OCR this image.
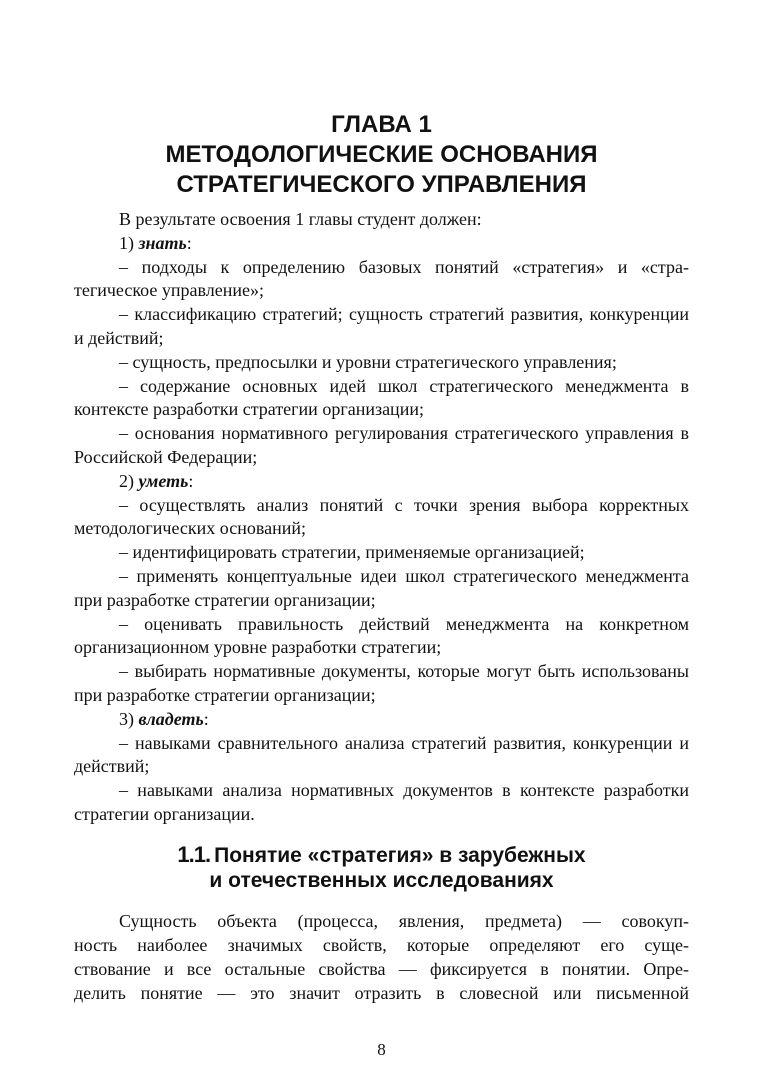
ГЛАВА 1
МЕТОДОЛОГИЧЕСКИЕ ОСНОВАНИЯ
СТРАТЕГИЧЕСКОГО УПРАВЛЕНИЯ

В результате освоения 1 главы студент должен:

1) знать:

– подходы к определению базовых понятий «стратегия» и «стратегическое управление»;

– классификацию стратегий; сущность стратегий развития, конкуренции и действий;

– сущность, предпосылки и уровни стратегического управления;

– содержание основных идей школ стратегического менеджмента в контексте разработки стратегии организации;

– основания нормативного регулирования стратегического управления в Российской Федерации;

2) уметь:

– осуществлять анализ понятий с точки зрения выбора корректных методологических оснований;

– идентифицировать стратегии, применяемые организацией;

– применять концептуальные идеи школ стратегического менеджмента при разработке стратегии организации;

– оценивать правильность действий менеджмента на конкретном организационном уровне разработки стратегии;

– выбирать нормативные документы, которые могут быть использованы при разработке стратегии организации;

3) владеть:

– навыками сравнительного анализа стратегий развития, конкуренции и действий;

– навыками анализа нормативных документов в контексте разработки стратегии организации.

1.1. Понятие «стратегия» в зарубежных
и отечественных исследованиях
Сущность объекта (процесса, явления, предмета) — совокуп-
ность наиболее значимых свойств, которые определяют его суще-
ствование и все остальные свойства — фиксируется в понятии. Опре-
делить понятие — это значит отразить в словесной или письменной
8
